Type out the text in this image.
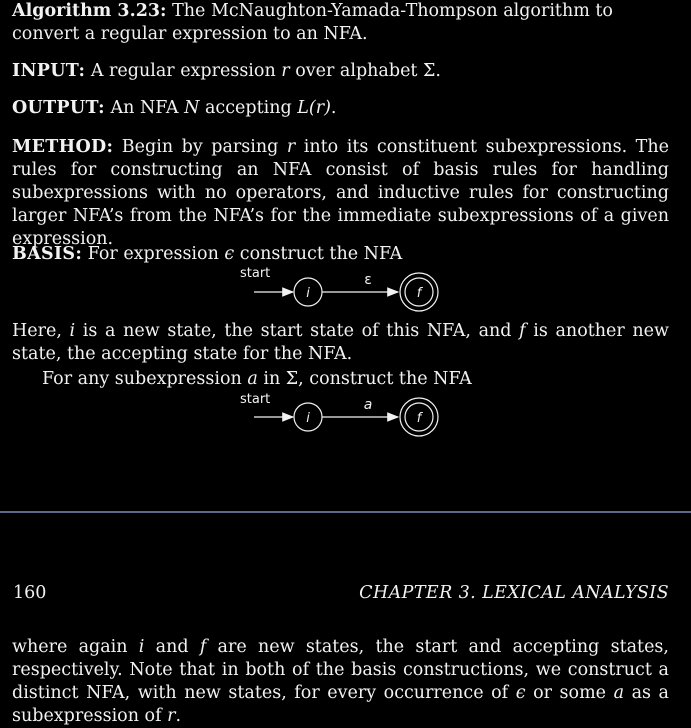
Algorithm 3.23: The McNaughton-Yamada-Thompson algorithm to convert a regular expression to an NFA.

INPUT: A regular expression r over alphabet Σ.

OUTPUT: An NFA N accepting L(r).

METHOD: Begin by parsing r into its constituent subexpressions. The rules for constructing an NFA consist of basis rules for handling subexpressions with no operators, and inductive rules for constructing larger NFA’s from the NFA’s for the immediate subexpressions of a given expression.

BASIS: For expression ϵ construct the NFA

start
i
ε
f

Here, i is a new state, the start state of this NFA, and f is another new state, the accepting state for the NFA.

For any subexpression a in Σ, construct the NFA

start
i
a
f
160	CHAPTER 3. LEXICAL ANALYSIS

where again i and f are new states, the start and accepting states, respectively. Note that in both of the basis constructions, we construct a distinct NFA, with new states, for every occurrence of ϵ or some a as a subexpression of r.
